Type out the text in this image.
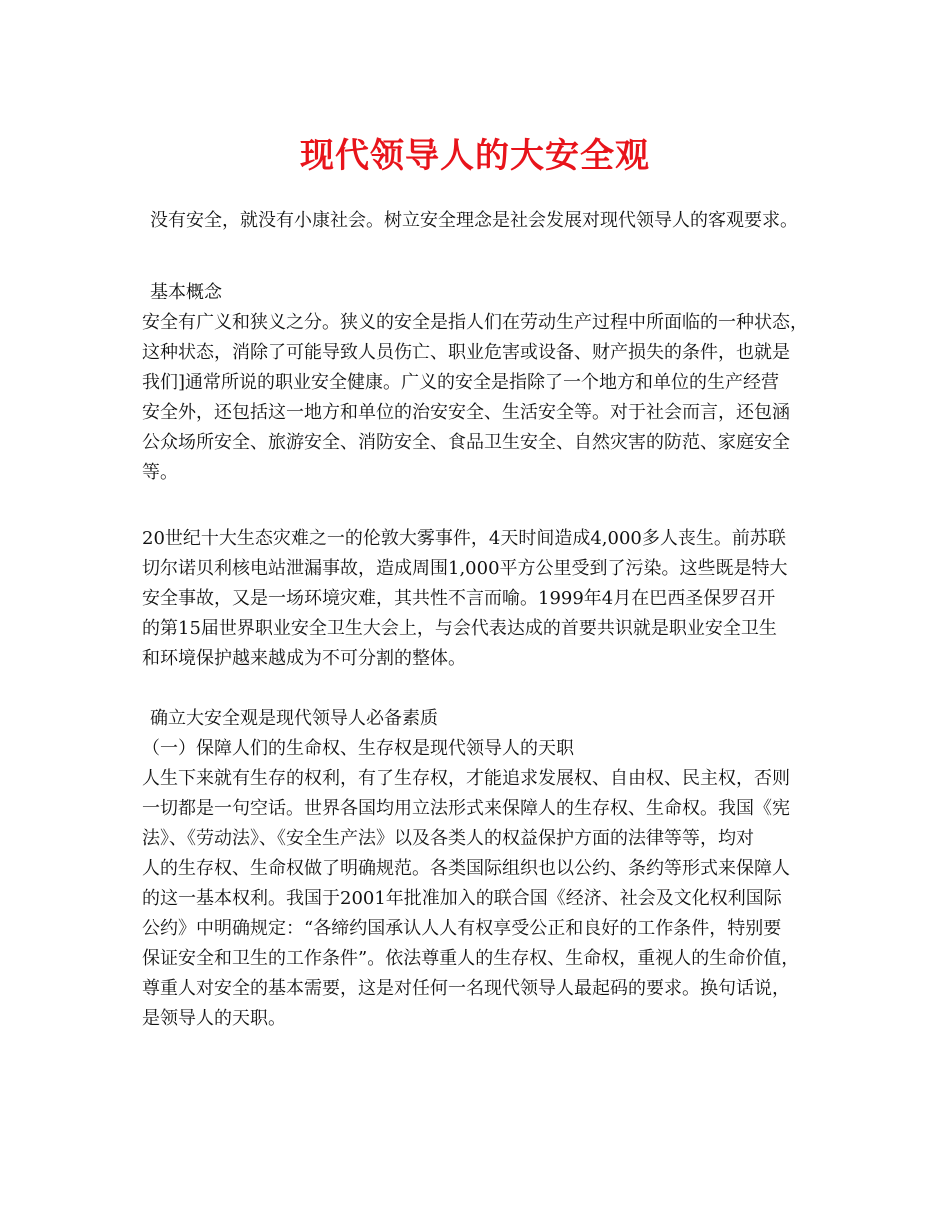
现代领导人的大安全观

没有安全，就没有小康社会。树立安全理念是社会发展对现代领导人的客观要求。

基本概念

安全有广义和狭义之分。狭义的安全是指人们在劳动生产过程中所面临的一种状态，
这种状态，消除了可能导致人员伤亡、职业危害或设备、财产损失的条件，也就是
我们]通常所说的职业安全健康。广义的安全是指除了一个地方和单位的生产经营
安全外，还包括这一地方和单位的治安安全、生活安全等。对于社会而言，还包涵
公众场所安全、旅游安全、消防安全、食品卫生安全、自然灾害的防范、家庭安全
等。

20世纪十大生态灾难之一的伦敦大雾事件，4天时间造成4,000多人丧生。前苏联
切尔诺贝利核电站泄漏事故，造成周围1,000平方公里受到了污染。这些既是特大
安全事故，又是一场环境灾难，其共性不言而喻。1999年4月在巴西圣保罗召开
的第15届世界职业安全卫生大会上，与会代表达成的首要共识就是职业安全卫生
和环境保护越来越成为不可分割的整体。

确立大安全观是现代领导人必备素质
（一）保障人们的生命权、生存权是现代领导人的天职

人生下来就有生存的权利，有了生存权，才能追求发展权、自由权、民主权，否则
一切都是一句空话。世界各国均用立法形式来保障人的生存权、生命权。我国《宪
法》、《劳动法》、《安全生产法》以及各类人的权益保护方面的法律等等，均对
人的生存权、生命权做了明确规范。各类国际组织也以公约、条约等形式来保障人
的这一基本权利。我国于2001年批准加入的联合国《经济、社会及文化权利国际
公约》中明确规定：“各缔约国承认人人有权享受公正和良好的工作条件，特别要
保证安全和卫生的工作条件”。依法尊重人的生存权、生命权，重视人的生命价值，
尊重人对安全的基本需要，这是对任何一名现代领导人最起码的要求。换句话说，
是领导人的天职。
